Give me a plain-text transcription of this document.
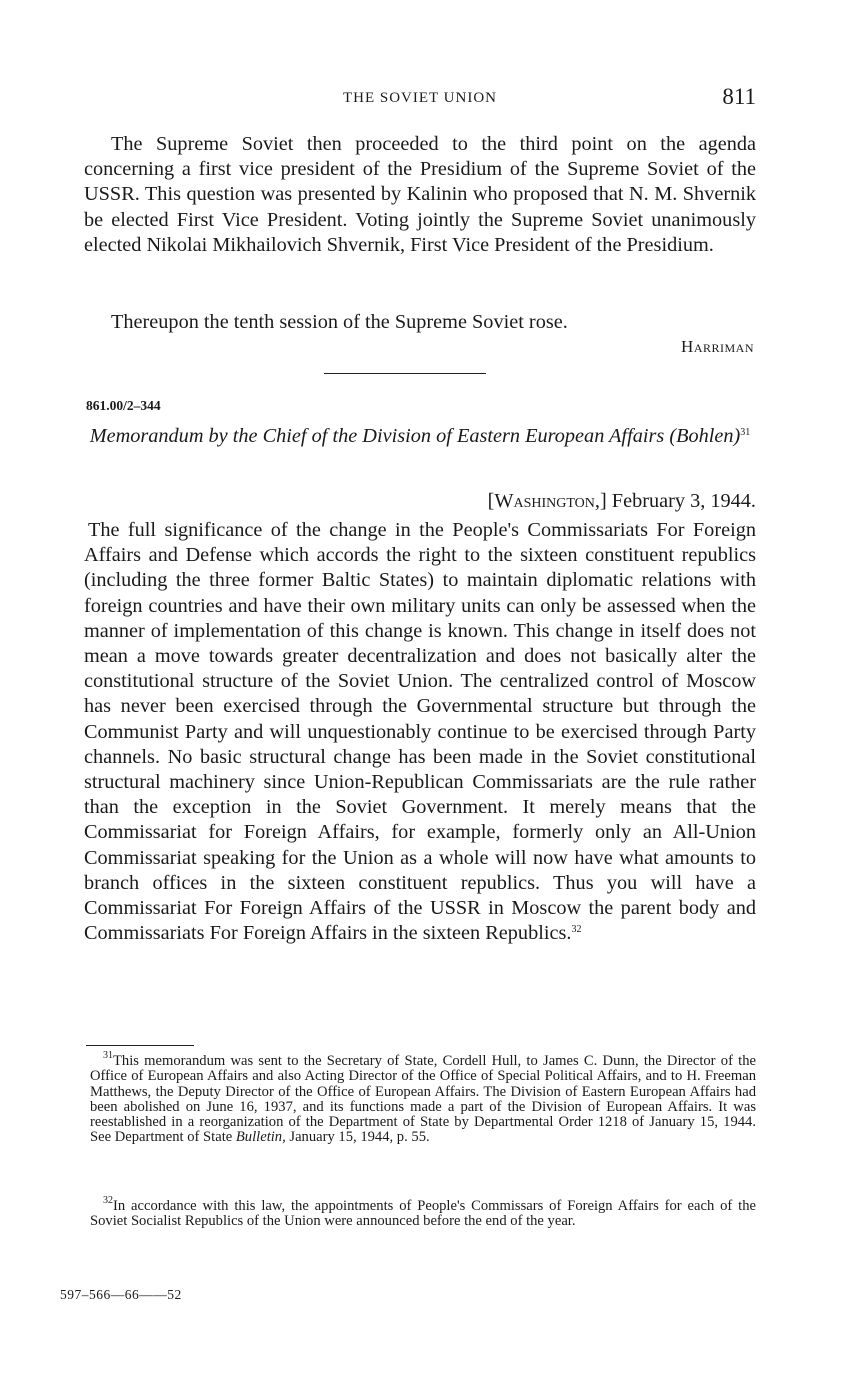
THE SOVIET UNION	811

The Supreme Soviet then proceeded to the third point on the agenda concerning a first vice president of the Presidium of the Supreme Soviet of the USSR. This question was presented by Kalinin who proposed that N. M. Shvernik be elected First Vice President. Voting jointly the Supreme Soviet unanimously elected Nikolai Mikhailovich Shvernik, First Vice President of the Presidium.

Thereupon the tenth session of the Supreme Soviet rose.

Harriman
861.00/2–344
Memorandum by the Chief of the Division of Eastern European Affairs (Bohlen)$^{31}$
[Washington,] February 3, 1944.

The full significance of the change in the People's Commissariats For Foreign Affairs and Defense which accords the right to the sixteen constituent republics (including the three former Baltic States) to maintain diplomatic relations with foreign countries and have their own military units can only be assessed when the manner of implementation of this change is known. This change in itself does not mean a move towards greater decentralization and does not basically alter the constitutional structure of the Soviet Union. The centralized control of Moscow has never been exercised through the Governmental structure but through the Communist Party and will unquestionably continue to be exercised through Party channels. No basic structural change has been made in the Soviet constitutional structural machinery since Union-Republican Commissariats are the rule rather than the exception in the Soviet Government. It merely means that the Commissariat for Foreign Affairs, for example, formerly only an All-Union Commissariat speaking for the Union as a whole will now have what amounts to branch offices in the sixteen constituent republics. Thus you will have a Commissariat For Foreign Affairs of the USSR in Moscow the parent body and Commissariats For Foreign Affairs in the sixteen Republics.$^{32}$

$^{31}$This memorandum was sent to the Secretary of State, Cordell Hull, to James C. Dunn, the Director of the Office of European Affairs and also Acting Director of the Office of Special Political Affairs, and to H. Freeman Matthews, the Deputy Director of the Office of European Affairs. The Division of Eastern European Affairs had been abolished on June 16, 1937, and its functions made a part of the Division of European Affairs. It was reestablished in a reorganization of the Department of State by Departmental Order 1218 of January 15, 1944. See Department of State Bulletin, January 15, 1944, p. 55.

$^{32}$In accordance with this law, the appointments of People's Commissars of Foreign Affairs for each of the Soviet Socialist Republics of the Union were announced before the end of the year.

597–566—66——52
